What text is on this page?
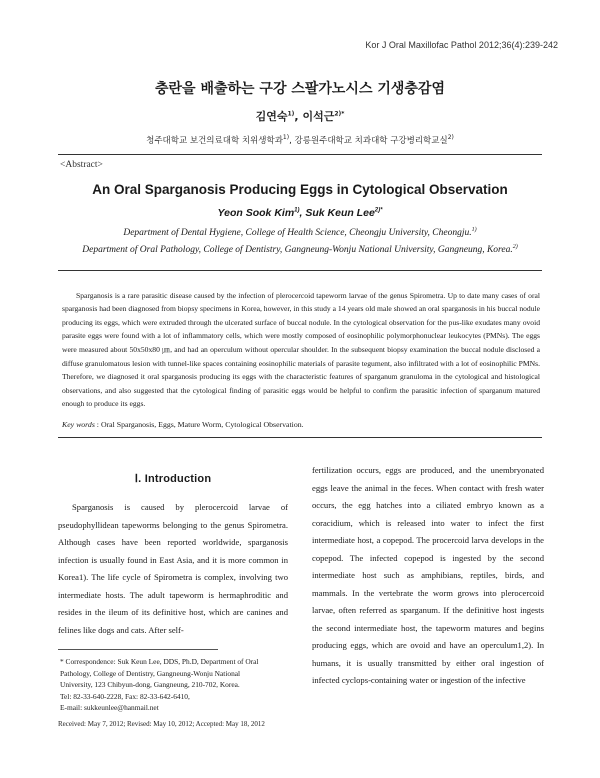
Kor J Oral Maxillofac Pathol 2012;36(4):239-242
충란을 배출하는 구강 스팔가노시스 기생충감염
김연숙$^{1)}$, 이석근$^{2)*}$
청주대학교 보건의료대학 치위생학과$^{1)}$, 강릉원주대학교 치과대학 구강병리학교실$^{2)}$
<Abstract>
An Oral Sparganosis Producing Eggs in Cytological Observation
Yeon Sook Kim$^{1)}$, Suk Keun Lee$^{2)*}$
Department of Dental Hygiene, College of Health Science, Cheongju University, Cheongju.$^{1)}$
Department of Oral Pathology, College of Dentistry, Gangneung-Wonju National University, Gangneung, Korea.$^{2)}$

Sparganosis is a rare parasitic disease caused by the infection of plerocercoid tapeworm larvae of the genus Spirometra. Up to date many cases of oral sparganosis had been diagnosed from biopsy specimens in Korea, however, in this study a 14 years old male showed an oral sparganosis in his buccal nodule producing its eggs, which were extruded through the ulcerated surface of buccal nodule. In the cytological observation for the pus-like exudates many ovoid parasite eggs were found with a lot of inflammatory cells, which were mostly composed of eosinophilic polymorphonuclear leukocytes (PMNs). The eggs were measured about 50x50x80 ㎛, and had an operculum without opercular shoulder. In the subsequent biopsy examination the buccal nodule disclosed a diffuse granulomatous lesion with tunnel-like spaces containing eosinophilic materials of parasite tegument, also infiltrated with a lot of eosinophilic PMNs. Therefore, we diagnosed it oral sparganosis producing its eggs with the characteristic features of sparganum granuloma in the cytological and histological observations, and also suggested that the cytological finding of parasitic eggs would be helpful to confirm the parasitic infection of sparganum matured enough to produce its eggs.

Key words : Oral Sparganosis, Eggs, Mature Worm, Cytological Observation.
Ⅰ. Introduction

Sparganosis is caused by plerocercoid larvae of pseudophyllidean tapeworms belonging to the genus Spirometra. Although cases have been reported worldwide, sparganosis infection is usually found in East Asia, and it is more common in Korea1). The life cycle of Spirometra is complex, involving two intermediate hosts. The adult tapeworm is hermaphroditic and resides in the ileum of its definitive host, which are canines and felines like dogs and cats. After self-

* Correspondence: Suk Keun Lee, DDS, Ph.D, Department of Oral
Pathology, College of Dentistry, Gangneung-Wonju National
University, 123 Chibyun-dong, Gangneung, 210-702, Korea.
Tel: 82-33-640-2228, Fax: 82-33-642-6410,
E-mail: sukkeunlee@hanmail.net
Received: May 7, 2012; Revised: May 10, 2012; Accepted: May 18, 2012

fertilization occurs, eggs are produced, and the unembryonated eggs leave the animal in the feces. When contact with fresh water occurs, the egg hatches into a ciliated embryo known as a coracidium, which is released into water to infect the first intermediate host, a copepod. The procercoid larva develops in the copepod. The infected copepod is ingested by the second intermediate host such as amphibians, reptiles, birds, and mammals. In the vertebrate the worm grows into plerocercoid larvae, often referred as sparganum. If the definitive host ingests the second intermediate host, the tapeworm matures and begins producing eggs, which are ovoid and have an operculum1,2). In humans, it is usually transmitted by either oral ingestion of infected cyclops-containing water or ingestion of the infective
